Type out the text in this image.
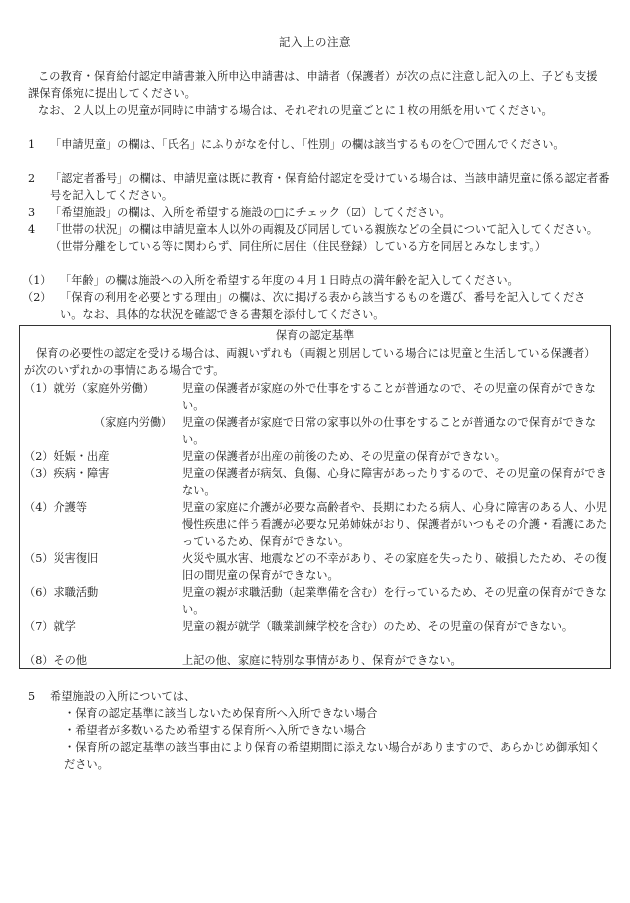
記入上の注意
この教育・保育給付認定申請書兼入所申込申請書は、申請者（保護者）が次の点に注意し記入の上、子ども支援課保育係宛に提出してください。
なお、２人以上の児童が同時に申請する場合は、それぞれの児童ごとに１枚の用紙を用いてください。
1 「申請児童」の欄は、「氏名」にふりがなを付し、「性別」の欄は該当するものを〇で囲んでください。
2 「認定者番号」の欄は、申請児童は既に教育・保育給付認定を受けている場合は、当該申請児童に係る認定者番号を記入してください。
3 「希望施設」の欄は、入所を希望する施設の□にチェック（☑）してください。
4 「世帯の状況」の欄は申請児童本人以外の両親及び同居している親族などの全員について記入してください。（世帯分離をしている等に関わらず、同住所に居住（住民登録）している方を同居とみなします。）
（1） 「年齢」の欄は施設への入所を希望する年度の４月１日時点の満年齢を記入してください。
（2） 「保育の利用を必要とする理由」の欄は、次に掲げる表から該当するものを選び、番号を記入してください。なお、具体的な状況を確認できる書類を添付してください。
保育の認定基準
保育の必要性の認定を受ける場合は、両親いずれも（両親と別居している場合には児童と生活している保護者）が次のいずれかの事情にある場合です。
（1）就労（家庭外労働） 児童の保護者が家庭の外で仕事をすることが普通なので、その児童の保育ができない。
（家庭内労働） 児童の保護者が家庭で日常の家事以外の仕事をすることが普通なので保育ができない。
（2）妊娠・出産	児童の保護者が出産の前後のため、その児童の保育ができない。
（3）疾病・障害	児童の保護者が病気、負傷、心身に障害があったりするので、その児童の保育ができない。
（4）介護等	児童の家庭に介護が必要な高齢者や、長期にわたる病人、心身に障害のある人、小児慢性疾患に伴う看護が必要な兄弟姉妹がおり、保護者がいつもその介護・看護にあたっているため、保育ができない。
（5）災害復旧	火災や風水害、地震などの不幸があり、その家庭を失ったり、破損したため、その復旧の間児童の保育ができない。
（6）求職活動	児童の親が求職活動（起業準備を含む）を行っているため、その児童の保育ができない。
（7）就学	児童の親が就学（職業訓練学校を含む）のため、その児童の保育ができない。
（8）その他	上記の他、家庭に特別な事情があり、保育ができない。
5 希望施設の入所については、
・保育の認定基準に該当しないため保育所へ入所できない場合
・希望者が多数いるため希望する保育所へ入所できない場合
・保育所の認定基準の該当事由により保育の希望期間に添えない場合がありますので、あらかじめ御承知ください。
